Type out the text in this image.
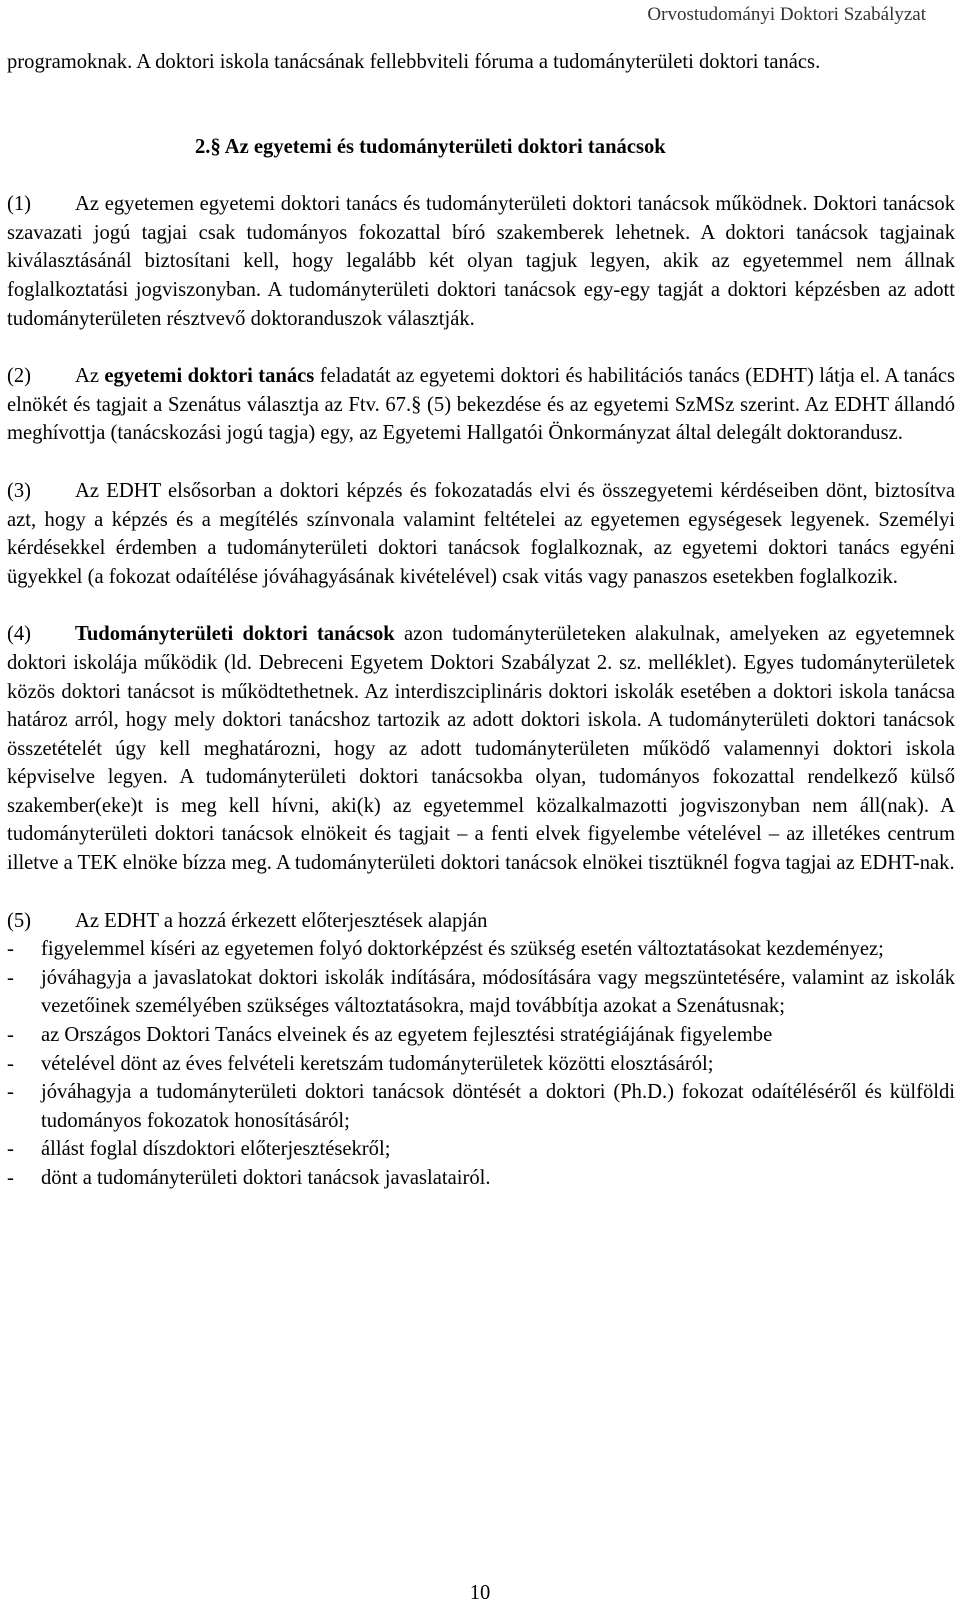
Orvostudományi Doktori Szabályzat

programoknak. A doktori iskola tanácsának fellebbviteli fóruma a tudományterületi doktori tanács.

2.§ Az egyetemi és tudományterületi doktori tanácsok

(1) Az egyetemen egyetemi doktori tanács és tudományterületi doktori tanácsok működnek. Doktori tanácsok szavazati jogú tagjai csak tudományos fokozattal bíró szakemberek lehetnek. A doktori tanácsok tagjainak kiválasztásánál biztosítani kell, hogy legalább két olyan tagjuk legyen, akik az egyetemmel nem állnak foglalkoztatási jogviszonyban. A tudományterületi doktori tanácsok egy-egy tagját a doktori képzésben az adott tudományterületen résztvevő doktoranduszok választják.

(2) Az egyetemi doktori tanács feladatát az egyetemi doktori és habilitációs tanács (EDHT) látja el. A tanács elnökét és tagjait a Szenátus választja az Ftv. 67.§ (5) bekezdése és az egyetemi SzMSz szerint. Az EDHT állandó meghívottja (tanácskozási jogú tagja) egy, az Egyetemi Hallgatói Önkormányzat által delegált doktorandusz.

(3) Az EDHT elsősorban a doktori képzés és fokozatadás elvi és összegyetemi kérdéseiben dönt, biztosítva azt, hogy a képzés és a megítélés színvonala valamint feltételei az egyetemen egységesek legyenek. Személyi kérdésekkel érdemben a tudományterületi doktori tanácsok foglalkoznak, az egyetemi doktori tanács egyéni ügyekkel (a fokozat odaítélése jóváhagyásának kivételével) csak vitás vagy panaszos esetekben foglalkozik.

(4) Tudományterületi doktori tanácsok azon tudományterületeken alakulnak, amelyeken az egyetemnek doktori iskolája működik (ld. Debreceni Egyetem Doktori Szabályzat 2. sz. melléklet). Egyes tudományterületek közös doktori tanácsot is működtethetnek. Az interdiszciplináris doktori iskolák esetében a doktori iskola tanácsa határoz arról, hogy mely doktori tanácshoz tartozik az adott doktori iskola. A tudományterületi doktori tanácsok összetételét úgy kell meghatározni, hogy az adott tudományterületen működő valamennyi doktori iskola képviselve legyen. A tudományterületi doktori tanácsokba olyan, tudományos fokozattal rendelkező külső szakember(eke)t is meg kell hívni, aki(k) az egyetemmel közalkalmazotti jogviszonyban nem áll(nak). A tudományterületi doktori tanácsok elnökeit és tagjait – a fenti elvek figyelembe vételével – az illetékes centrum illetve a TEK elnöke bízza meg. A tudományterületi doktori tanácsok elnökei tisztüknél fogva tagjai az EDHT-nak.

(5) Az EDHT a hozzá érkezett előterjesztések alapján

- figyelemmel kíséri az egyetemen folyó doktorképzést és szükség esetén változtatásokat kezdeményez;
- jóváhagyja a javaslatokat doktori iskolák indítására, módosítására vagy megszüntetésére, valamint az iskolák vezetőinek személyében szükséges változtatásokra, majd továbbítja azokat a Szenátusnak;
- az Országos Doktori Tanács elveinek és az egyetem fejlesztési stratégiájának figyelembe
- vételével dönt az éves felvételi keretszám tudományterületek közötti elosztásáról;
- jóváhagyja a tudományterületi doktori tanácsok döntését a doktori (Ph.D.) fokozat odaítéléséről és külföldi tudományos fokozatok honosításáról;
- állást foglal díszdoktori előterjesztésekről;
- dönt a tudományterületi doktori tanácsok javaslatairól.
10
